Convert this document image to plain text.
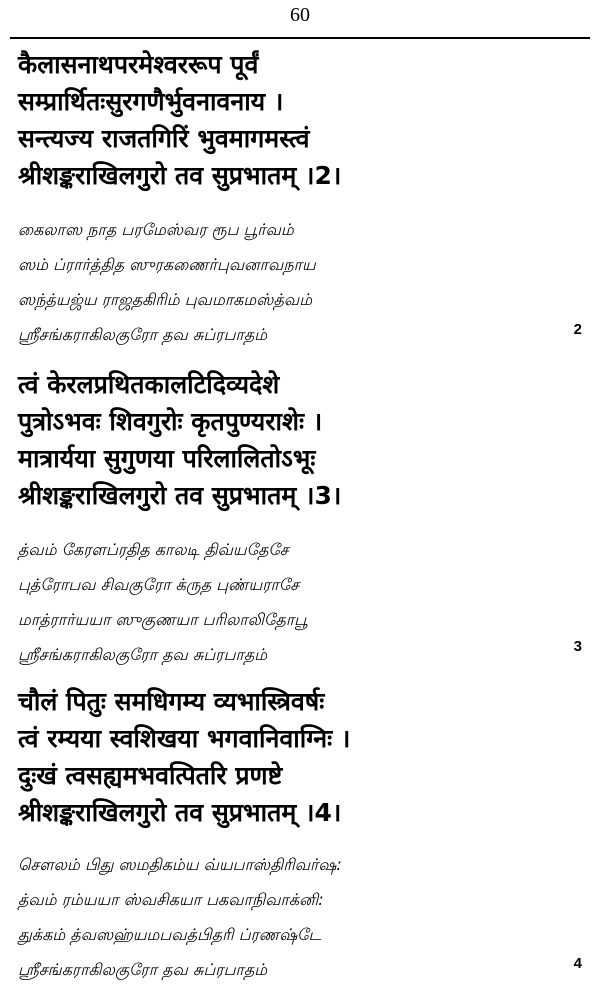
60
कैलासनाथपरमेश्वररूप पूर्वं
सम्प्रार्थितःसुरगणैर्भुवनावनाय ।
सन्त्यज्य राजतगिरिं भुवमागमस्त्वं
श्रीशङ्कराखिलगुरो तव सुप्रभातम् ।2।
கைலாஸ நாத பரமேஸ்வர ரூப பூர்வம்
ஸம் ப்ரார்த்தித ஸுரகணைர்புவனாவநாய
ஸந்த்யஜ்ய ராஜதகிரிம் புவமாகமஸ்த்வம்
ஸ்ரீசங்கராகிலகுரோ தவ சுப்ரபாதம்	2
त्वं केरलप्रथितकालटिदिव्यदेशे
पुत्रोऽभवः शिवगुरोः कृतपुण्यराशेः ।
मात्रार्यया सुगुणया परिलालितोऽभूः
श्रीशङ्कराखिलगुरो तव सुप्रभातम् ।3।
த்வம் கேரளப்ரதித காலடி திவ்யதேசே
புத்ரோபவ சிவகுரோ க்ருத புண்யராசே
மாத்ரார்யயா ஸுகுணயா பரிலாலிதோபூ
ஸ்ரீசங்கராகிலகுரோ தவ சுப்ரபாதம்	3
चौलं पितुः समधिगम्य व्यभास्त्रिवर्षः
त्वं रम्यया स्वशिखया भगवानिवाग्निः ।
दुःखं त्वसह्यमभवत्पितरि प्रणष्टे
श्रीशङ्कराखिलगुरो तव सुप्रभातम् ।4।
சௌலம் பிது ஸமதிகம்ய வ்யபாஸ்திரிவர்ஷ:
த்வம் ரம்யயா ஸ்வசிகயா பகவாநிவாக்னி:
துக்கம் த்வஸஹ்யமபவத்பிதரி ப்ரணஷ்டே
ஸ்ரீசங்கராகிலகுரோ தவ சுப்ரபாதம்	4
